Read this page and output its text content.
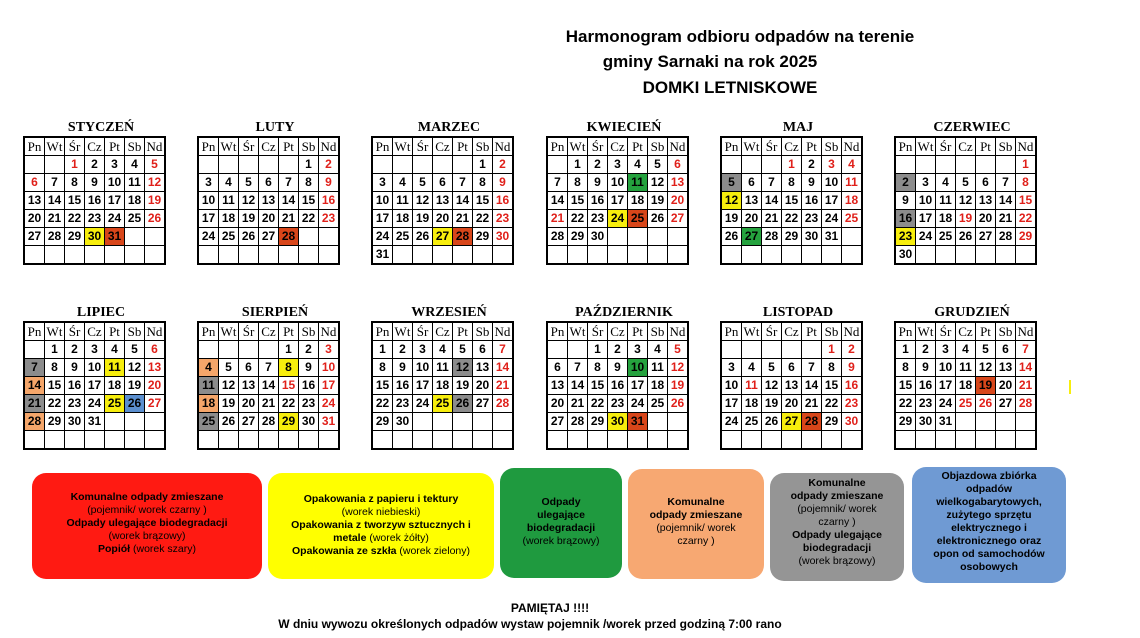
Harmonogram odbioru odpadów na terenie
gminy Sarnaki na rok 2025
DOMKI LETNISKOWE
STYCZEŃ
Pn	Wt	Śr	Cz	Pt	Sb	Nd
		1	2	3	4	5
6	7	8	9	10	11	12
13	14	15	16	17	18	19
20	21	22	23	24	25	26
27	28	29	30	31		

LUTY
Pn	Wt	Śr	Cz	Pt	Sb	Nd
					1	2
3	4	5	6	7	8	9
10	11	12	13	14	15	16
17	18	19	20	21	22	23
24	25	26	27	28		

MARZEC
Pn	Wt	Śr	Cz	Pt	Sb	Nd
					1	2
3	4	5	6	7	8	9
10	11	12	13	14	15	16
17	18	19	20	21	22	23
24	25	26	27	28	29	30
31						
KWIECIEŃ
Pn	Wt	Śr	Cz	Pt	Sb	Nd
	1	2	3	4	5	6
7	8	9	10	11	12	13
14	15	16	17	18	19	20
21	22	23	24	25	26	27
28	29	30				

MAJ
Pn	Wt	Śr	Cz	Pt	Sb	Nd
			1	2	3	4
5	6	7	8	9	10	11
12	13	14	15	16	17	18
19	20	21	22	23	24	25
26	27	28	29	30	31	

CZERWIEC
Pn	Wt	Śr	Cz	Pt	Sb	Nd
						1
2	3	4	5	6	7	8
9	10	11	12	13	14	15
16	17	18	19	20	21	22
23	24	25	26	27	28	29
30						
LIPIEC
Pn	Wt	Śr	Cz	Pt	Sb	Nd
	1	2	3	4	5	6
7	8	9	10	11	12	13
14	15	16	17	18	19	20
21	22	23	24	25	26	27
28	29	30	31			

SIERPIEŃ
Pn	Wt	Śr	Cz	Pt	Sb	Nd
				1	2	3
4	5	6	7	8	9	10
11	12	13	14	15	16	17
18	19	20	21	22	23	24
25	26	27	28	29	30	31

WRZESIEŃ
Pn	Wt	Śr	Cz	Pt	Sb	Nd
1	2	3	4	5	6	7
8	9	10	11	12	13	14
15	16	17	18	19	20	21
22	23	24	25	26	27	28
29	30					

PAŹDZIERNIK
Pn	Wt	Śr	Cz	Pt	Sb	Nd
		1	2	3	4	5
6	7	8	9	10	11	12
13	14	15	16	17	18	19
20	21	22	23	24	25	26
27	28	29	30	31		

LISTOPAD
Pn	Wt	Śr	Cz	Pt	Sb	Nd
					1	2
3	4	5	6	7	8	9
10	11	12	13	14	15	16
17	18	19	20	21	22	23
24	25	26	27	28	29	30

GRUDZIEŃ
Pn	Wt	Śr	Cz	Pt	Sb	Nd
1	2	3	4	5	6	7
8	9	10	11	12	13	14
15	16	17	18	19	20	21
22	23	24	25	26	27	28
29	30	31				

Komunalne odpady zmieszane
(pojemnik/ worek czarny )
Odpady ulegające biodegradacji
(worek brązowy)
Popiół (worek szary)
Opakowania z papieru i tektury
(worek niebieski)
Opakowania z tworzyw sztucznych i
metale (worek żółty)
Opakowania ze szkła (worek zielony)
Odpady
ulegające
biodegradacji
(worek brązowy)
Komunalne
odpady zmieszane
(pojemnik/ worek
czarny )
Komunalne
odpady zmieszane
(pojemnik/ worek
czarny )
Odpady ulegające
biodegradacji
(worek brązowy)
Objazdowa zbiórka
odpadów
wielkogabarytowych,
zużytego sprzętu
elektrycznego i
elektronicznego oraz
opon od samochodów
osobowych
PAMIĘTAJ !!!!
W dniu wywozu określonych odpadów wystaw pojemnik /worek przed godziną 7:00 rano
